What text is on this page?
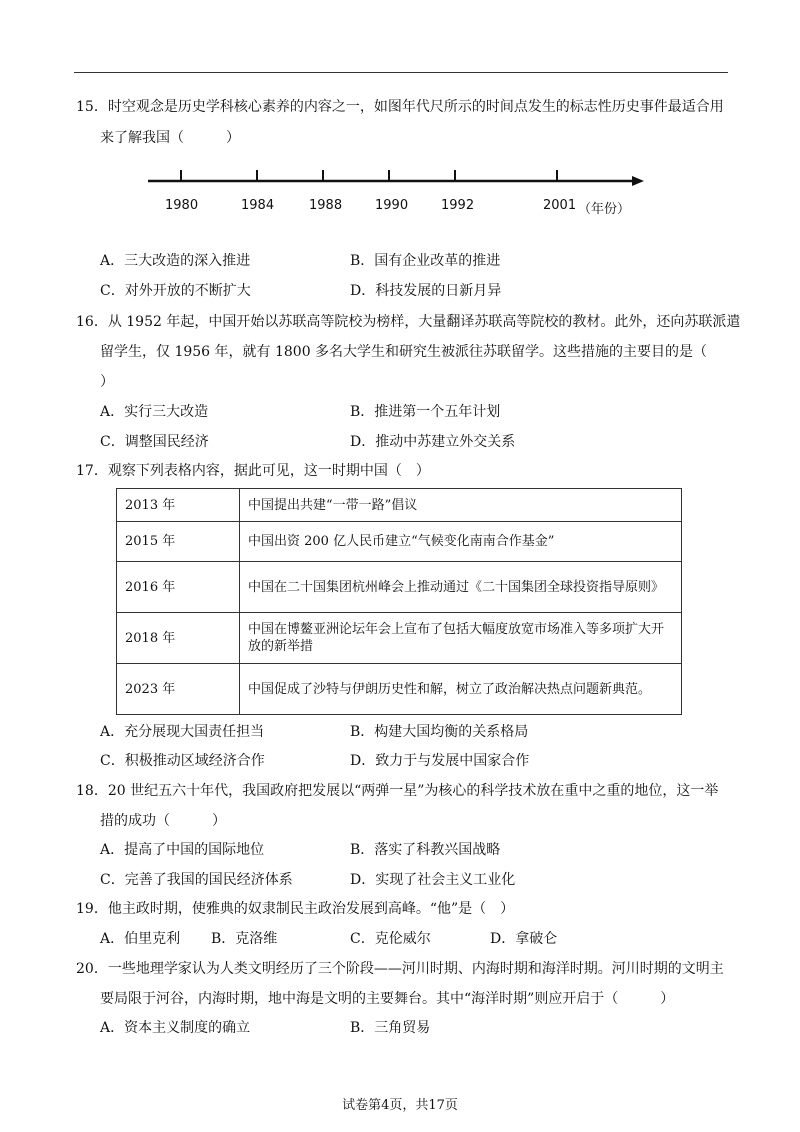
15．时空观念是历史学科核心素养的内容之一，如图年代尺所示的时间点发生的标志性历史事件最适合用
来了解我国（　　　）
1980	1984	1988	1990	1992	2001 （年份）
A．三大改造的深入推进	B．国有企业改革的推进
C．对外开放的不断扩大	D．科技发展的日新月异
16．从 1952 年起，中国开始以苏联高等院校为榜样，大量翻译苏联高等院校的教材。此外，还向苏联派遣
留学生，仅 1956 年，就有 1800 多名大学生和研究生被派往苏联留学。这些措施的主要目的是（
）
A．实行三大改造	B．推进第一个五年计划
C．调整国民经济	D．推动中苏建立外交关系
17．观察下列表格内容，据此可见，这一时期中国（　）
2013 年	中国提出共建“一带一路”倡议
2015 年	中国出资 200 亿人民币建立“气候变化南南合作基金”
2016 年	中国在二十国集团杭州峰会上推动通过《二十国集团全球投资指导原则》
2018 年	中国在博鳌亚洲论坛年会上宣布了包括大幅度放宽市场准入等多项扩大开放的新举措
2023 年	中国促成了沙特与伊朗历史性和解，树立了政治解决热点问题新典范。
A．充分展现大国责任担当	B．构建大国均衡的关系格局
C．积极推动区域经济合作	D．致力于与发展中国家合作
18．20 世纪五六十年代，我国政府把发展以“两弹一星”为核心的科学技术放在重中之重的地位，这一举
措的成功（　　　）
A．提高了中国的国际地位	B．落实了科教兴国战略
C．完善了我国的国民经济体系	D．实现了社会主义工业化
19．他主政时期，使雅典的奴隶制民主政治发展到高峰。“他”是（　）
A．伯里克利 B．克洛维	C．克伦威尔	D．拿破仑
20．一些地理学家认为人类文明经历了三个阶段——河川时期、内海时期和海洋时期。河川时期的文明主
要局限于河谷，内海时期，地中海是文明的主要舞台。其中“海洋时期”则应开启于（　　　）
A．资本主义制度的确立	B．三角贸易
试卷第4页，共17页
